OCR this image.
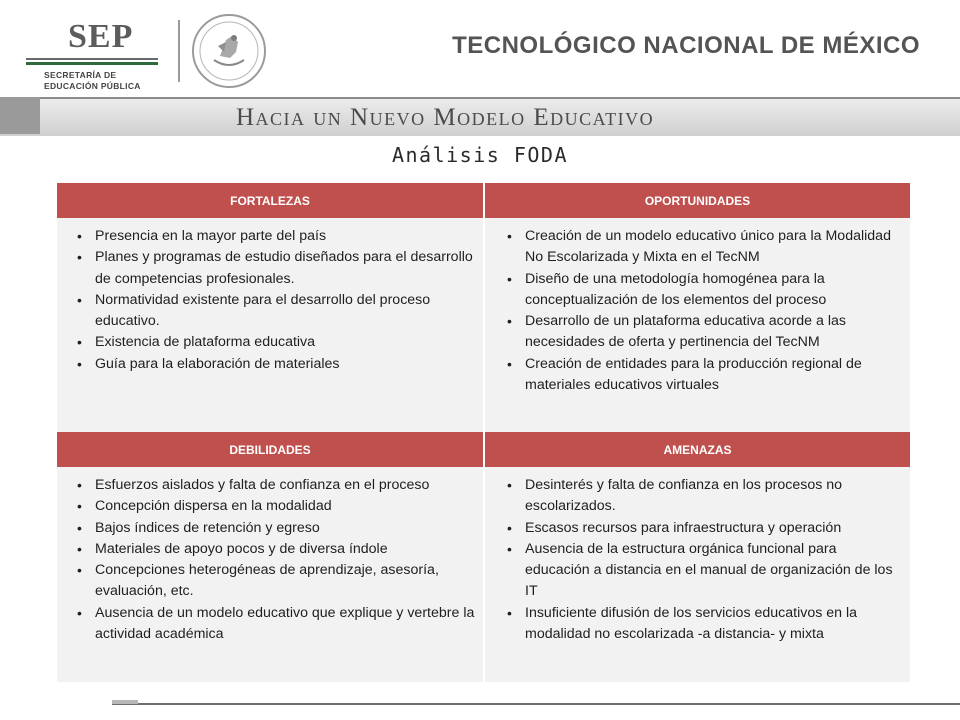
SEP
SECRETARÍA DE
EDUCACIÓN PÚBLICA
TECNOLÓGICO NACIONAL DE MÉXICO
Hacia un Nuevo Modelo Educativo
Análisis FODA
FORTALEZAS	OPORTUNIDADES
• Presencia en la mayor parte del país
• Planes y programas de estudio diseñados para el desarrollo de competencias profesionales.
• Normatividad existente para el desarrollo del proceso educativo.
• Existencia de plataforma educativa
• Guía para la elaboración de materiales
• Creación de un modelo educativo único para la Modalidad No Escolarizada y Mixta en el TecNM
• Diseño de una metodología homogénea para la conceptualización de los elementos del proceso
• Desarrollo de un plataforma educativa acorde a las necesidades de oferta y pertinencia del TecNM
• Creación de entidades para la producción regional de materiales educativos virtuales
DEBILIDADES	AMENAZAS
• Esfuerzos aislados y falta de confianza en el proceso
• Concepción dispersa en la modalidad
• Bajos índices de retención y egreso
• Materiales de apoyo pocos y de diversa índole
• Concepciones heterogéneas de aprendizaje, asesoría, evaluación, etc.
• Ausencia de un modelo educativo que explique y vertebre la actividad académica
• Desinterés y falta de confianza en los procesos no escolarizados.
• Escasos recursos para infraestructura y operación
• Ausencia de la estructura orgánica funcional para educación a distancia en el manual de organización de los IT
• Insuficiente difusión de los servicios educativos en la modalidad no escolarizada -a distancia- y mixta
